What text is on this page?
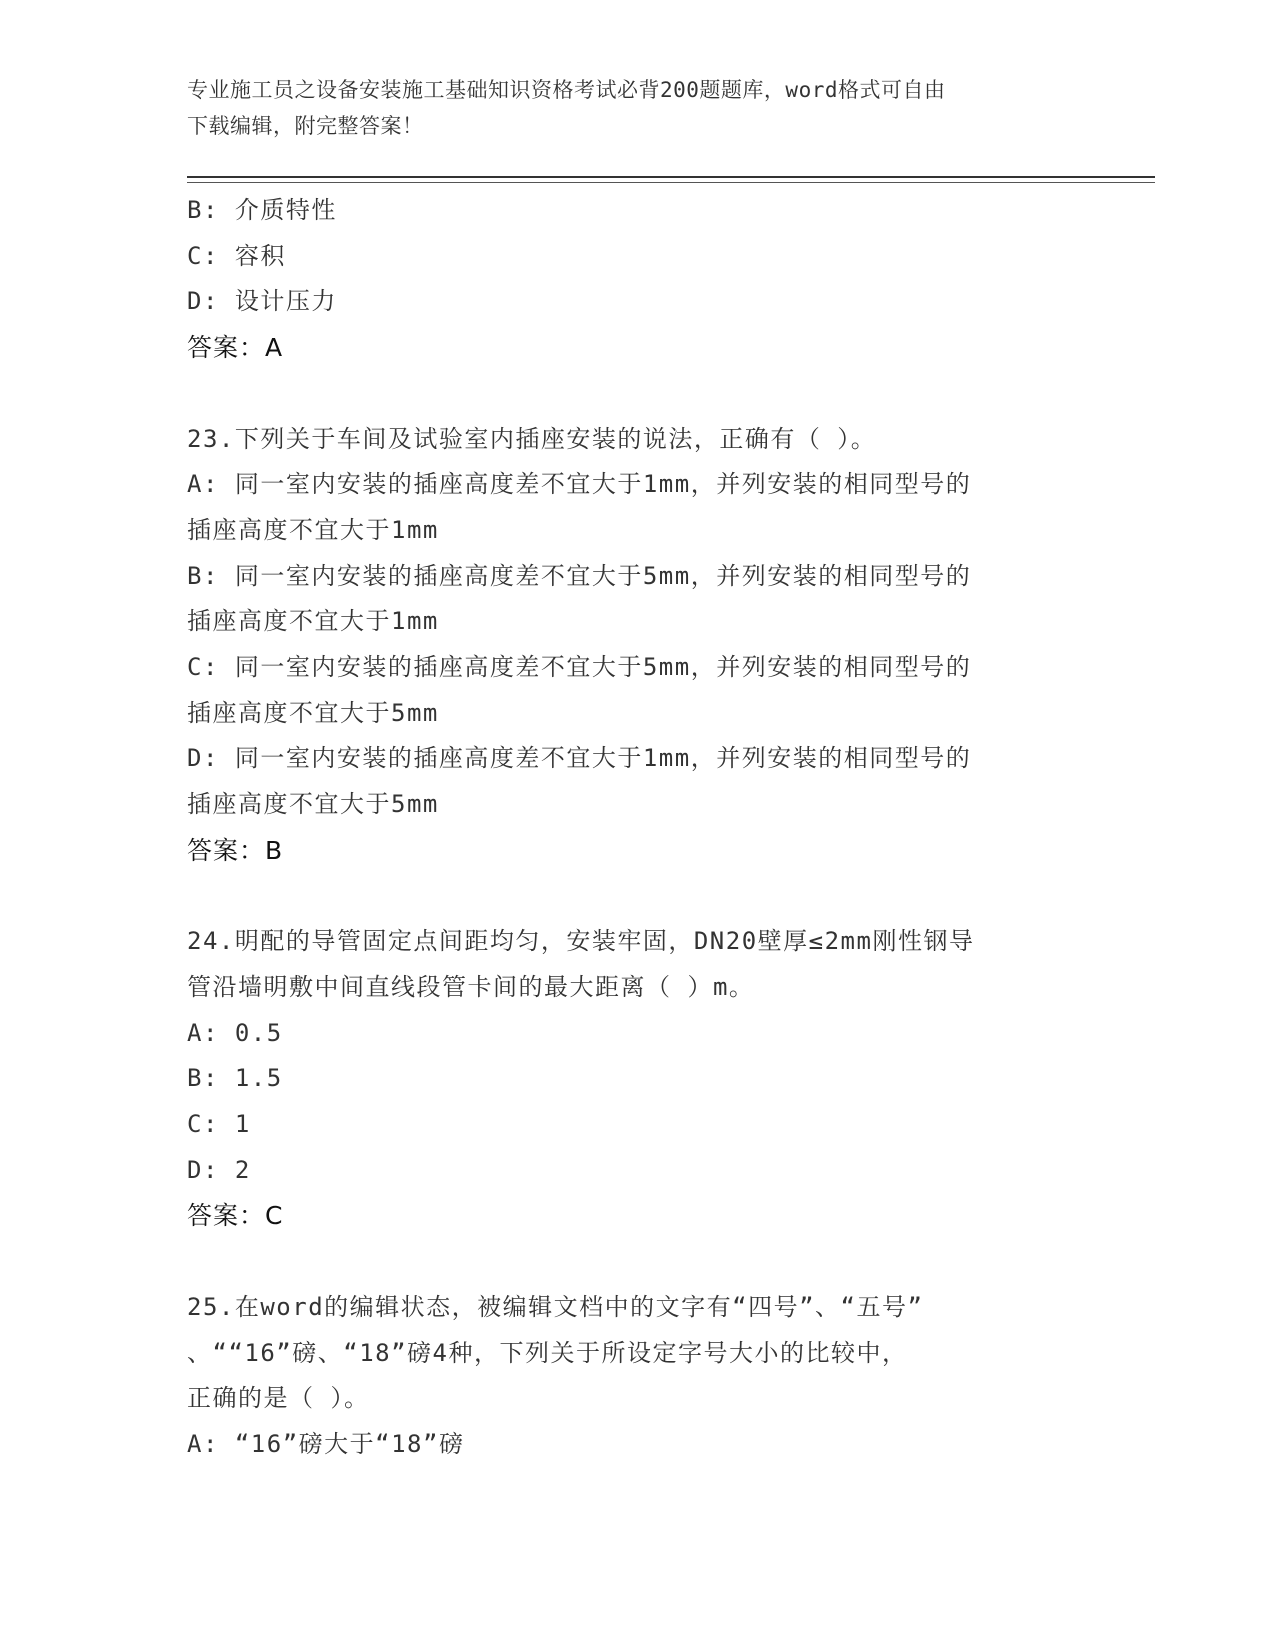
专业施工员之设备安装施工基础知识资格考试必背200题题库，word格式可自由
下载编辑，附完整答案！
B: 介质特性
C: 容积
D: 设计压力
答案：A
23.下列关于车间及试验室内插座安装的说法，正确有（ ）。
A: 同一室内安装的插座高度差不宜大于1mm，并列安装的相同型号的
插座高度不宜大于1mm
B: 同一室内安装的插座高度差不宜大于5mm，并列安装的相同型号的
插座高度不宜大于1mm
C: 同一室内安装的插座高度差不宜大于5mm，并列安装的相同型号的
插座高度不宜大于5mm
D: 同一室内安装的插座高度差不宜大于1mm，并列安装的相同型号的
插座高度不宜大于5mm
答案：B
24.明配的导管固定点间距均匀，安装牢固，DN20壁厚≤2mm刚性钢导
管沿墙明敷中间直线段管卡间的最大距离（ ）m。
A: 0.5
B: 1.5
C: 1
D: 2
答案：C
25.在word的编辑状态，被编辑文档中的文字有“四号”、“五号”
、““16”磅、“18”磅4种，下列关于所设定字号大小的比较中，
正确的是（ ）。
A: “16”磅大于“18”磅
